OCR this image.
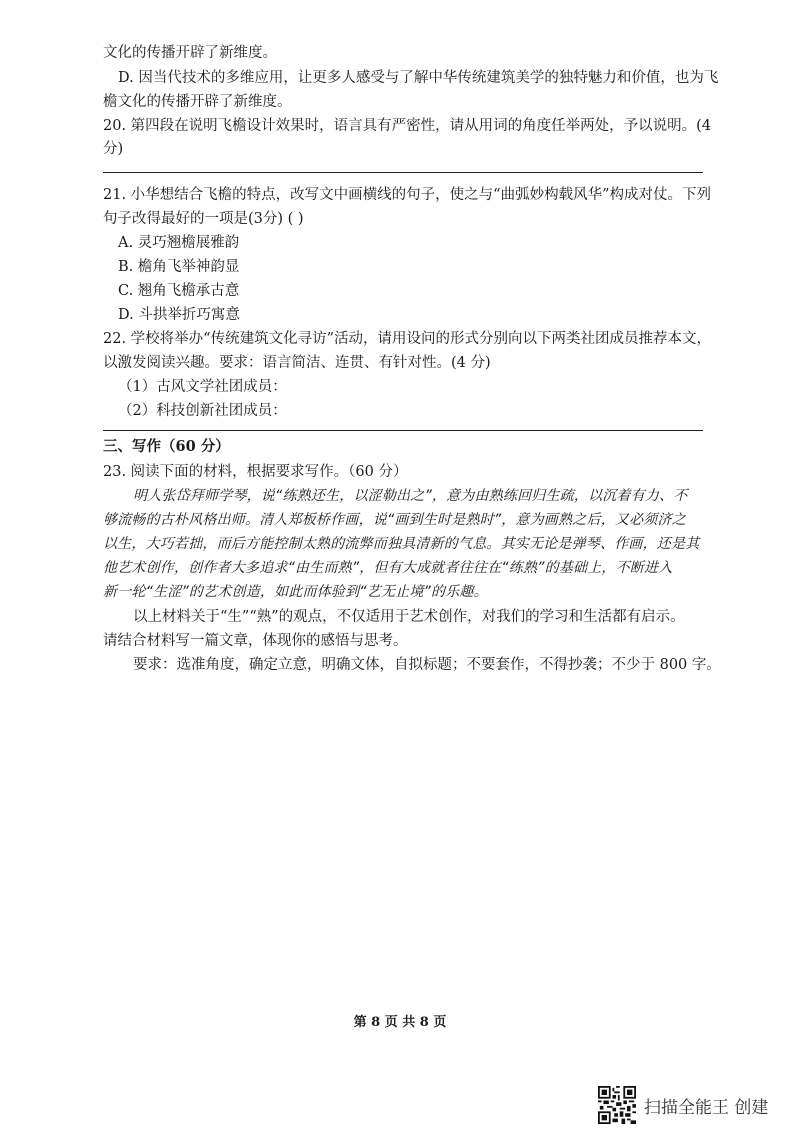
文化的传播开辟了新维度。
D. 因当代技术的多维应用，让更多人感受与了解中华传统建筑美学的独特魅力和价值，也为飞
檐文化的传播开辟了新维度。
20. 第四段在说明飞檐设计效果时，语言具有严密性，请从用词的角度任举两处，予以说明。(4
分)
21. 小华想结合飞檐的特点，改写文中画横线的句子，使之与“曲弧妙构载风华”构成对仗。下列
句子改得最好的一项是(3分) ( )
A. 灵巧翘檐展雅韵
B. 檐角飞举神韵显
C. 翘角飞檐承古意
D. 斗拱举折巧寓意
22. 学校将举办“传统建筑文化寻访”活动，请用设问的形式分别向以下两类社团成员推荐本文，
以激发阅读兴趣。要求：语言简洁、连贯、有针对性。(4 分)
（1）古风文学社团成员：
（2）科技创新社团成员：
三、写作（60 分）
23. 阅读下面的材料，根据要求写作。（60 分）
明人张岱拜师学琴，说“练熟还生，以涩勒出之”，意为由熟练回归生疏，以沉着有力、不
够流畅的古朴风格出师。清人郑板桥作画，说“画到生时是熟时”，意为画熟之后，又必须济之
以生，大巧若拙，而后方能控制太熟的流弊而独具清新的气息。其实无论是弹琴、作画，还是其
他艺术创作，创作者大多追求“由生而熟”，但有大成就者往往在“练熟”的基础上，不断进入
新一轮“生涩”的艺术创造，如此而体验到“艺无止境”的乐趣。
以上材料关于“生”“熟”的观点，不仅适用于艺术创作，对我们的学习和生活都有启示。
请结合材料写一篇文章，体现你的感悟与思考。
要求：选准角度，确定立意，明确文体，自拟标题；不要套作，不得抄袭；不少于 800 字。
第 8 页 共 8 页
扫描全能王 创建
